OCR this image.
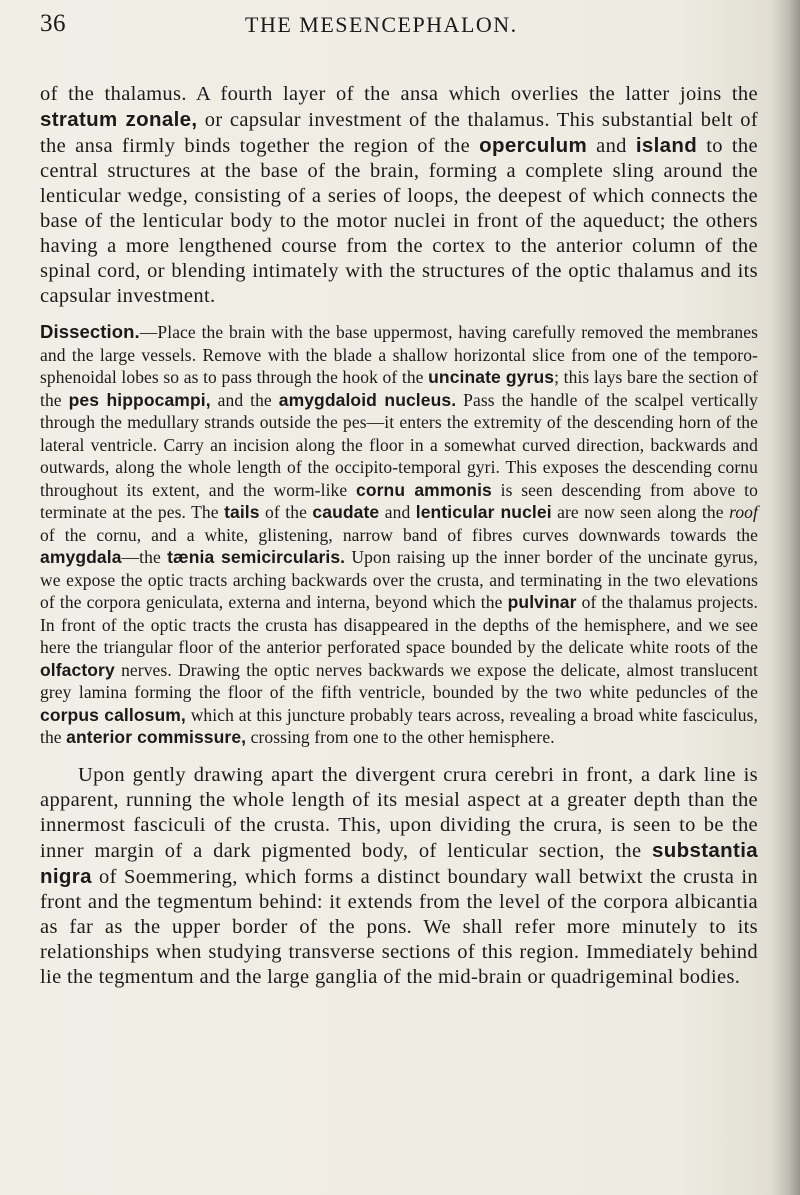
36	THE MESENCEPHALON.

of the thalamus. A fourth layer of the ansa which overlies the latter joins the stratum zonale, or capsular investment of the thalamus. This substantial belt of the ansa firmly binds together the region of the operculum and island to the central structures at the base of the brain, forming a complete sling around the lenticular wedge, consisting of a series of loops, the deepest of which connects the base of the lenticular body to the motor nuclei in front of the aqueduct; the others having a more lengthened course from the cortex to the anterior column of the spinal cord, or blending intimately with the structures of the optic thalamus and its capsular investment.

Dissection.—Place the brain with the base uppermost, having carefully removed the membranes and the large vessels. Remove with the blade a shallow horizontal slice from one of the temporo-sphenoidal lobes so as to pass through the hook of the uncinate gyrus; this lays bare the section of the pes hippocampi, and the amygdaloid nucleus. Pass the handle of the scalpel vertically through the medullary strands outside the pes—it enters the extremity of the descending horn of the lateral ventricle. Carry an incision along the floor in a somewhat curved direction, backwards and outwards, along the whole length of the occipito-temporal gyri. This exposes the descending cornu throughout its extent, and the worm-like cornu ammonis is seen descending from above to terminate at the pes. The tails of the caudate and lenticular nuclei are now seen along the roof of the cornu, and a white, glistening, narrow band of fibres curves downwards towards the amygdala—the tænia semicircularis. Upon raising up the inner border of the uncinate gyrus, we expose the optic tracts arching backwards over the crusta, and terminating in the two elevations of the corpora geniculata, externa and interna, beyond which the pulvinar of the thalamus projects. In front of the optic tracts the crusta has disappeared in the depths of the hemisphere, and we see here the triangular floor of the anterior perforated space bounded by the delicate white roots of the olfactory nerves. Drawing the optic nerves backwards we expose the delicate, almost translucent grey lamina forming the floor of the fifth ventricle, bounded by the two white peduncles of the corpus callosum, which at this juncture probably tears across, revealing a broad white fasciculus, the anterior commissure, crossing from one to the other hemisphere.

Upon gently drawing apart the divergent crura cerebri in front, a dark line is apparent, running the whole length of its mesial aspect at a greater depth than the innermost fasciculi of the crusta. This, upon dividing the crura, is seen to be the inner margin of a dark pigmented body, of lenticular section, the substantia nigra of Soemmering, which forms a distinct boundary wall betwixt the crusta in front and the tegmentum behind: it extends from the level of the corpora albicantia as far as the upper border of the pons. We shall refer more minutely to its relationships when studying transverse sections of this region. Immediately behind lie the tegmentum and the large ganglia of the mid-brain or quadrigeminal bodies.
